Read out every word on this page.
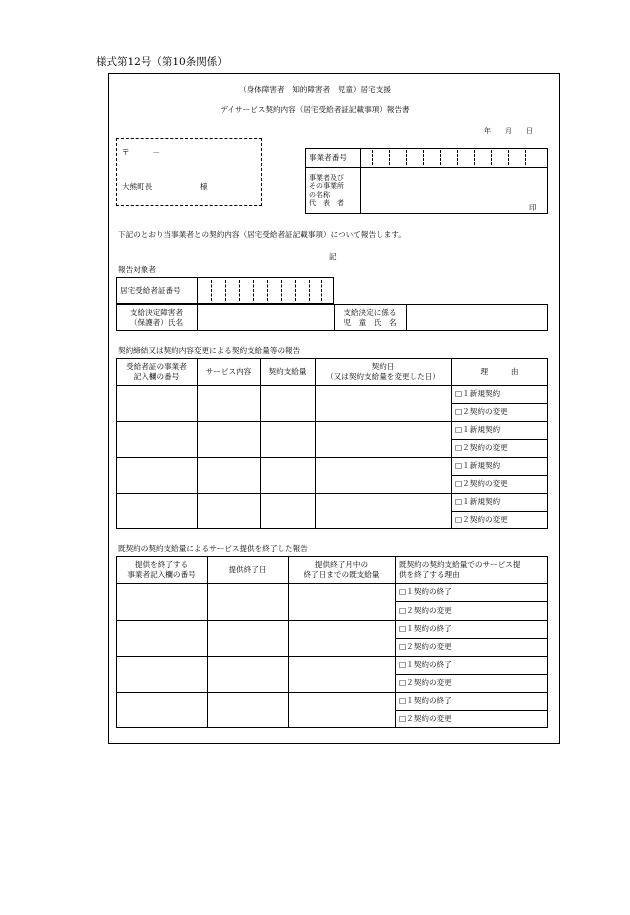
様式第12号（第10条関係）
（身体障害者　知的障害者　児童）居宅支援
デイサービス契約内容（居宅受給者証記載事項）報告書
年　　月　　日
〒　　　－
大熊町長	様
事業者番号
事業者及び
その事業所
の名称
代　表　者
印
下記のとおり当事業者との契約内容（居宅受給者証記載事項）について報告します。
記
報告対象者
居宅受給者証番号
支給決定障害者
（保護者）氏名
支給決定に係る
児　童　氏　名
契約締結又は契約内容変更による契約支給量等の報告
受給者証の事業者
記入欄の番号
サービス内容	契約支給量
契約日
（又は契約支給量を変更した日）
理　　　由
□１新規契約
□２契約の変更
□１新規契約
□２契約の変更
□１新規契約
□２契約の変更
□１新規契約
□２契約の変更
既契約の契約支給量によるサービス提供を終了した報告
提供を終了する
事業者記入欄の番号
提供終了日
提供終了月中の
終了日までの既支給量
既契約の契約支給量でのサービス提
供を終了する理由
□１契約の終了
□２契約の変更
□１契約の終了
□２契約の変更
□１契約の終了
□２契約の変更
□１契約の終了
□２契約の変更
